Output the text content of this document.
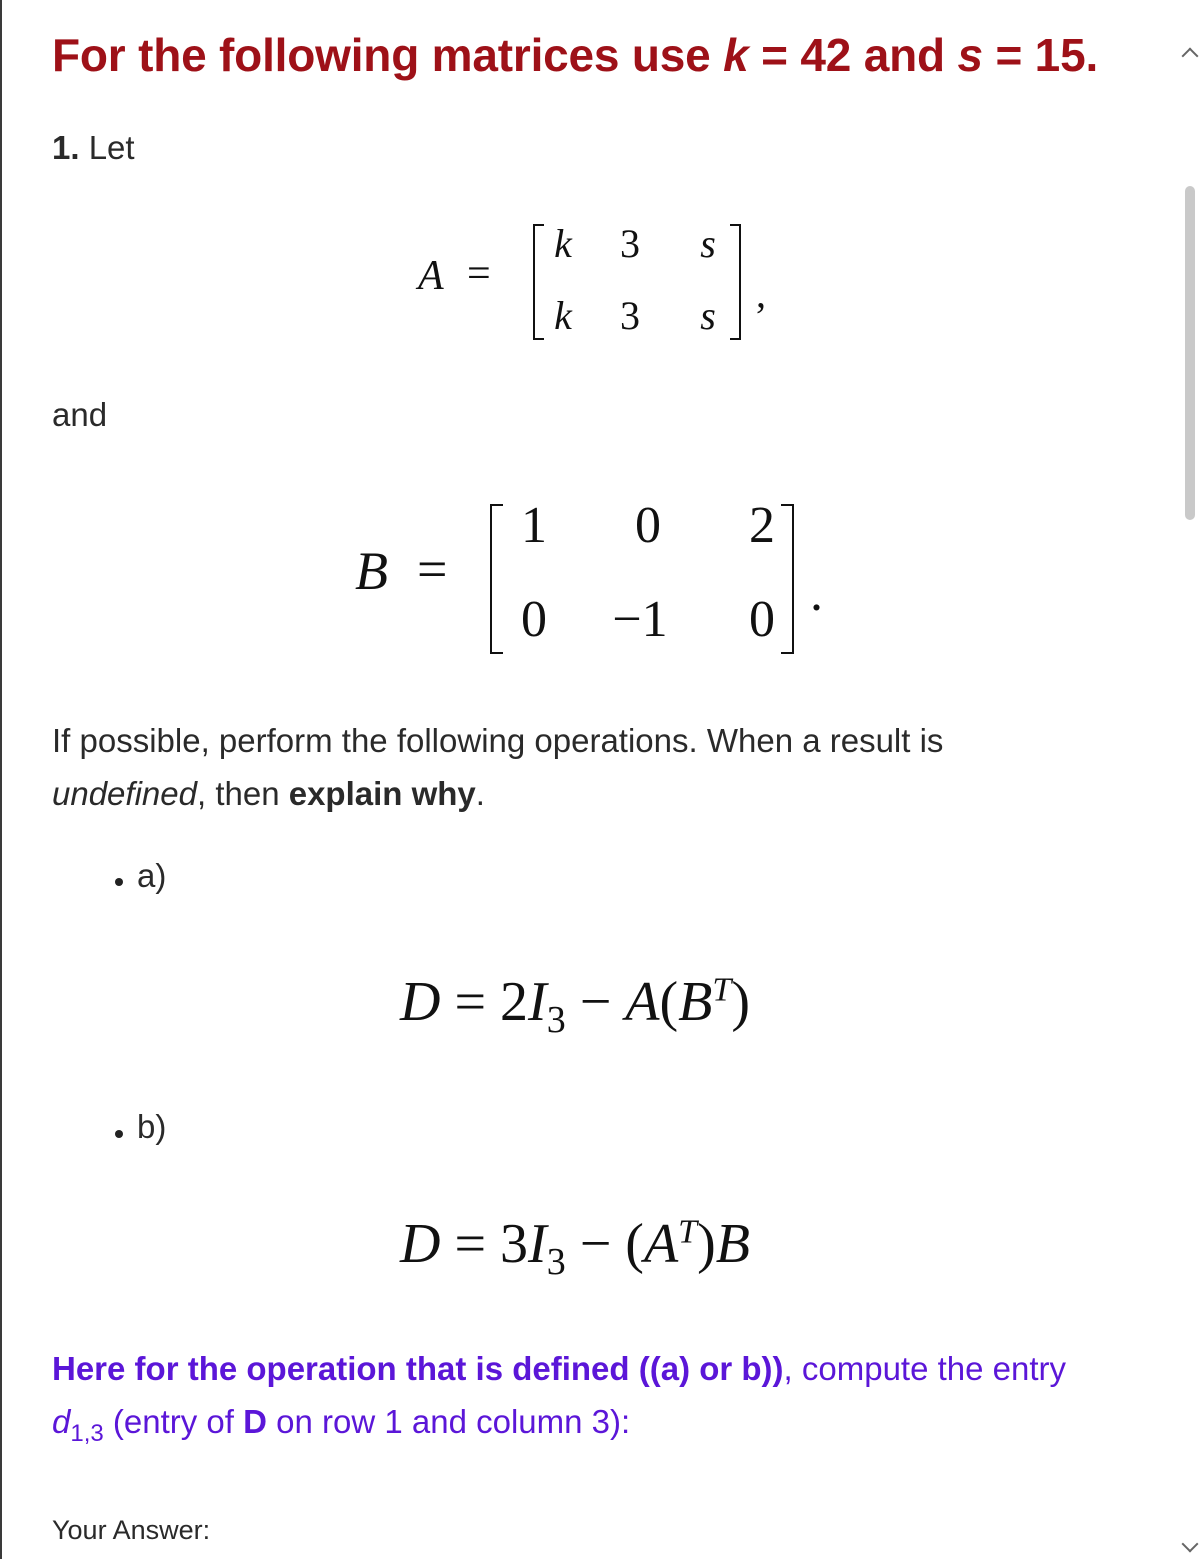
For the following matrices use k = 42 and s = 15.
1. Let
A =
k 3 s
k 3 s ,
and
B =
1 0 2
0 −1 0 .
If possible, perform the following operations. When a result is
undefined, then explain why.
a)
$D = 2I_3 - A(B^T)$
b)
$D = 3I_3 - (A^T)B$
Here for the operation that is defined ((a) or b)), compute the entry
$d_{1,3}$ (entry of D on row 1 and column 3):
Your Answer:
